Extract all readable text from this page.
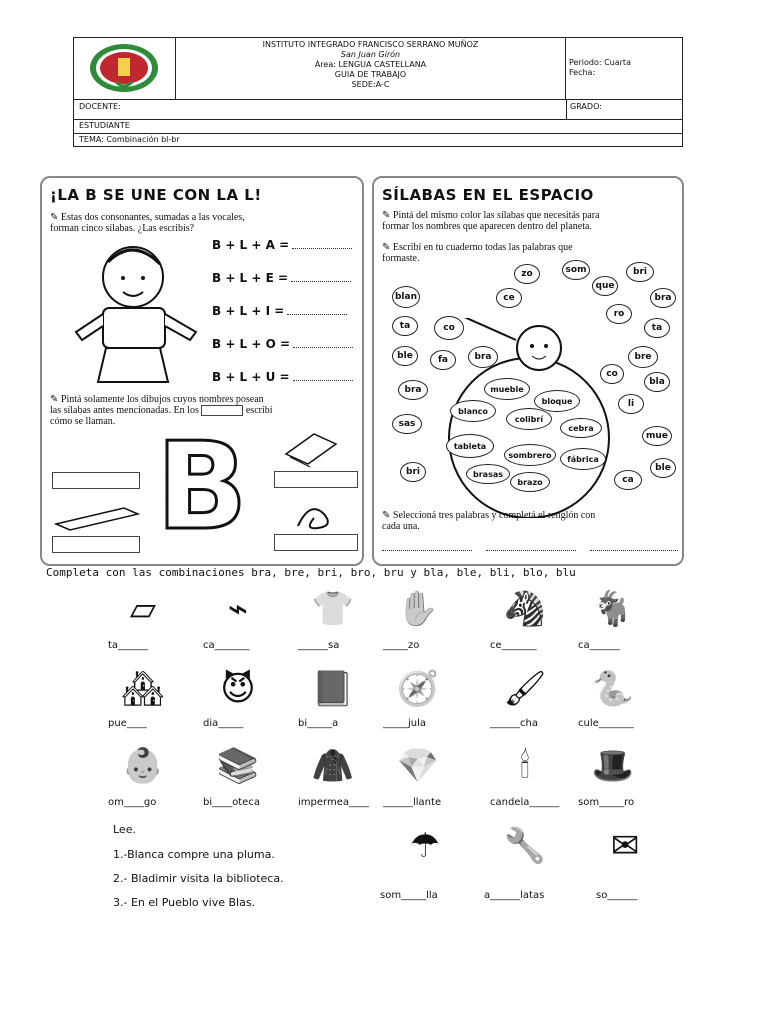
INSTITUTO INTEGRADO FRANCISCO SERRANO MUÑOZ
San Juan Girón
Área: LENGUA CASTELLANA
GUIA DE TRABAJO
SEDE:A-C
Periodo: Cuarta
Fecha:
DOCENTE:	GRADO:
ESTUDIANTE
TEMA: Combinación bl-br
¡LA B SE UNE CON LA L!
✎ Estas dos consonantes, sumadas a las vocales,
forman cinco sílabas. ¿Las escribís?
B + L + A =
B + L + E =
B + L + I =
B + L + O =
B + L + U =
✎ Pintá solamente los dibujos cuyos nombres posean
las sílabas antes mencionadas. En los	escribí
cómo se llaman. B
SÍLABAS EN EL ESPACIO
✎ Pintá del mismo color las sílabas que necesitás para
formar los nombres que aparecen dentro del planeta.
✎ Escribí en tu cuaderno todas las palabras que
formaste.
zo	som	bri
que
blan	ce	bra
ro
ta	co	ta
ble	fa	bra	bre
co
bla
bra
li
sas
mue
bri	ble
ca
mueble
bloque
blanco
colibrí
cebra
tableta
sombrero	fábrica
brasas
brazo
✎ Seleccioná tres palabras y completá el renglón con
cada una.
Completa con las combinaciones bra, bre, bri, bro, bru y bla, ble, bli, blo, blu
▱
ta______
⌁
ca_______
👕
______sa
✋
_____zo
🦓
ce_______
🐐
ca______
🏘
pue____
😈
dia_____
📕
bi_____a
🧭
_____jula
🖌
______cha
🐍
cule_______
👶
om____go
📚
bi____oteca
🧥
impermea____
💎
______llante
🕯
candela______
🎩
som_____ro
☂
som_____lla
🔧
a______latas
✉
so______
Lee.
1.-Blanca compre una pluma.
2.- Bladimir visita la biblioteca.
3.- En el Pueblo vive Blas.
